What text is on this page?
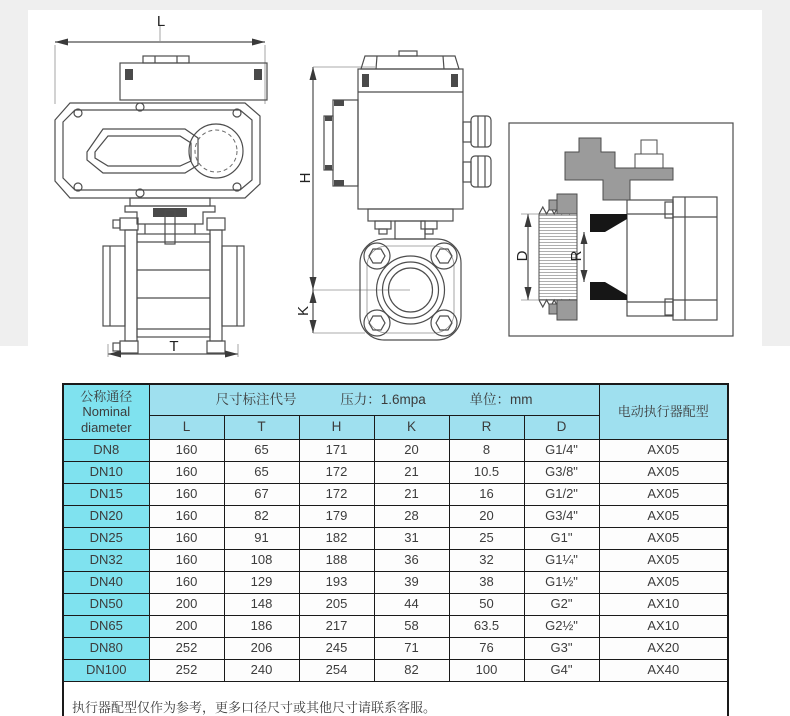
L
T
H
K
D R
公称通径
Nominal
diameter	尺寸标注代号 压力：1.6mpa 单位：mm						电动执行器配型
	L	T	H	K	R	D	
DN8	160	65	171	20	8	G1/4"	AX05
DN10	160	65	172	21	10.5	G3/8"	AX05
DN15	160	67	172	21	16	G1/2"	AX05
DN20	160	82	179	28	20	G3/4"	AX05
DN25	160	91	182	31	25	G1"	AX05
DN32	160	108	188	36	32	G1¼"	AX05
DN40	160	129	193	39	38	G1½"	AX05
DN50	200	148	205	44	50	G2"	AX10
DN65	200	186	217	58	63.5	G2½"	AX10
DN80	252	206	245	71	76	G3"	AX20
DN100	252	240	254	82	100	G4"	AX40
执行器配型仅作为参考，更多口径尺寸或其他尺寸请联系客服。							
